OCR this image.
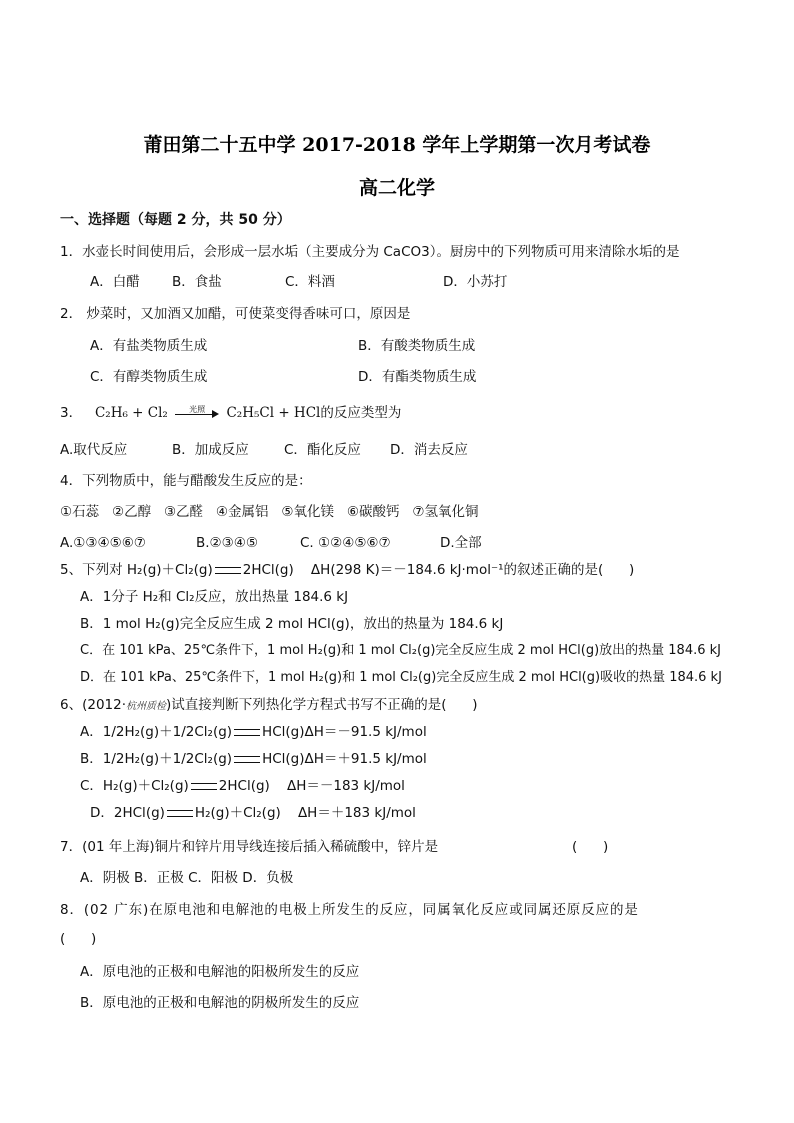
莆田第二十五中学 2017-2018 学年上学期第一次月考试卷
高二化学
一、选择题（每题 2 分，共 50 分）
1．水壶长时间使用后，会形成一层水垢（主要成分为 CaCO3）。厨房中的下列物质可用来清除水垢的是
A．白醋 B．食盐	C．料酒	D．小苏打
2． 炒菜时，又加酒又加醋，可使菜变得香味可口，原因是
A．有盐类物质生成	B．有酸类物质生成
C．有醇类物质生成	D．有酯类物质生成
3． C₂H₆ + Cl₂	光照	C₂H₅Cl + HCl的反应类型为
A.取代反应	B．加成反应	C．酯化反应 D．消去反应
4．下列物质中，能与醋酸发生反应的是：
①石蕊   ②乙醇   ③乙醛   ④金属铝   ⑤氧化镁   ⑥碳酸钙   ⑦氢氧化铜
A.①③④⑤⑥⑦	B.②③④⑤	C. ①②④⑤⑥⑦	D.全部
5、下列对 H₂(g)＋Cl₂(g) 2HCl(g)    ΔH(298 K)＝－184.6 kJ·mol⁻¹的叙述正确的是(      )
A．1分子 H₂和 Cl₂反应，放出热量 184.6 kJ
B．1 mol H₂(g)完全反应生成 2 mol HCl(g)，放出的热量为 184.6 kJ
C．在 101 kPa、25℃条件下，1 mol H₂(g)和 1 mol Cl₂(g)完全反应生成 2 mol HCl(g)放出的热量 184.6 kJ
D．在 101 kPa、25℃条件下，1 mol H₂(g)和 1 mol Cl₂(g)完全反应生成 2 mol HCl(g)吸收的热量 184.6 kJ
6、(2012·杭州质检)试直接判断下列热化学方程式书写不正确的是(      )
A．1/2H₂(g)＋1/2Cl₂(g) HCl(g)ΔH＝－91.5 kJ/mol
B．1/2H₂(g)＋1/2Cl₂(g) HCl(g)ΔH＝＋91.5 kJ/mol
C．H₂(g)＋Cl₂(g) 2HCl(g)    ΔH＝－183 kJ/mol
D．2HCl(g) H₂(g)＋Cl₂(g)    ΔH＝＋183 kJ/mol
7．(01 年上海)铜片和锌片用导线连接后插入稀硫酸中，锌片是	(      )
A．阴极 B．正极 C．阳极 D．负极
8．(02 广东)在原电池和电解池的电极上所发生的反应，同属氧化反应或同属还原反应的是
(      )
A．原电池的正极和电解池的阳极所发生的反应
B．原电池的正极和电解池的阴极所发生的反应
